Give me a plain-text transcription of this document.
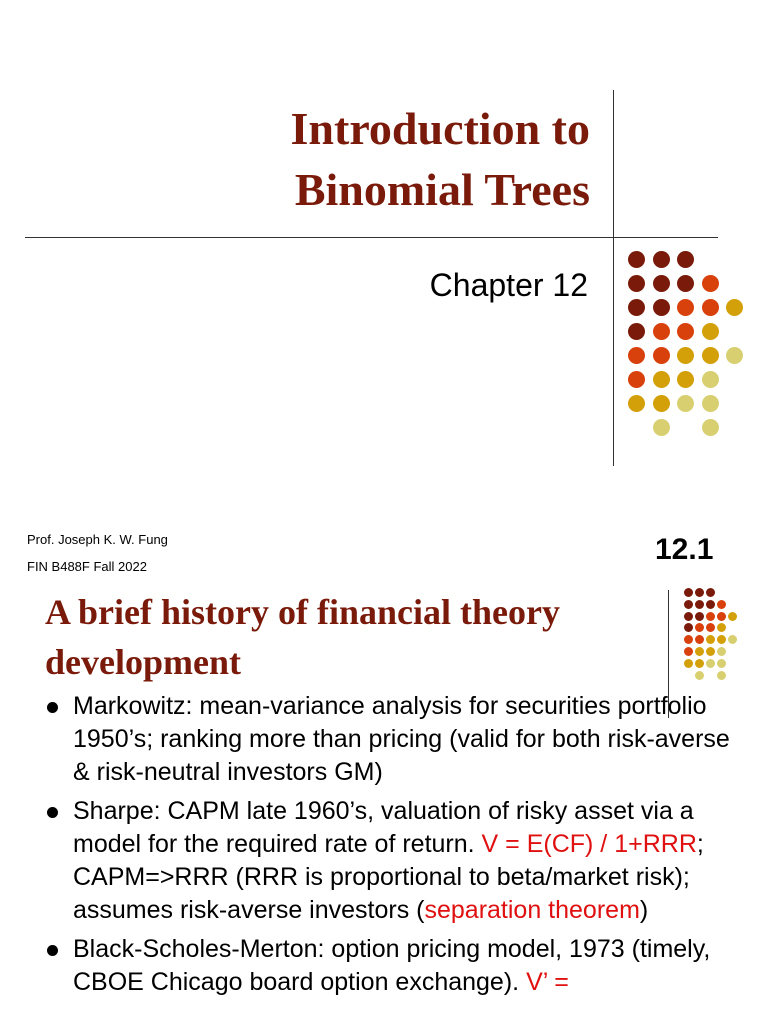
Introduction to
Binomial Trees
Chapter 12
Prof. Joseph K. W. Fung
FIN B488F Fall 2022
12.1
A brief history of financial theory development
Markowitz: mean-variance analysis for securities portfolio 1950’s; ranking more than pricing (valid for both risk-averse & risk-neutral investors GM)
Sharpe: CAPM late 1960’s, valuation of risky asset via a model for the required rate of return. V = E(CF) / 1+RRR; CAPM=>RRR (RRR is proportional to beta/market risk); assumes risk-averse investors (separation theorem)
Black-Scholes-Merton: option pricing model, 1973 (timely, CBOE Chicago board option exchange). V’ =
